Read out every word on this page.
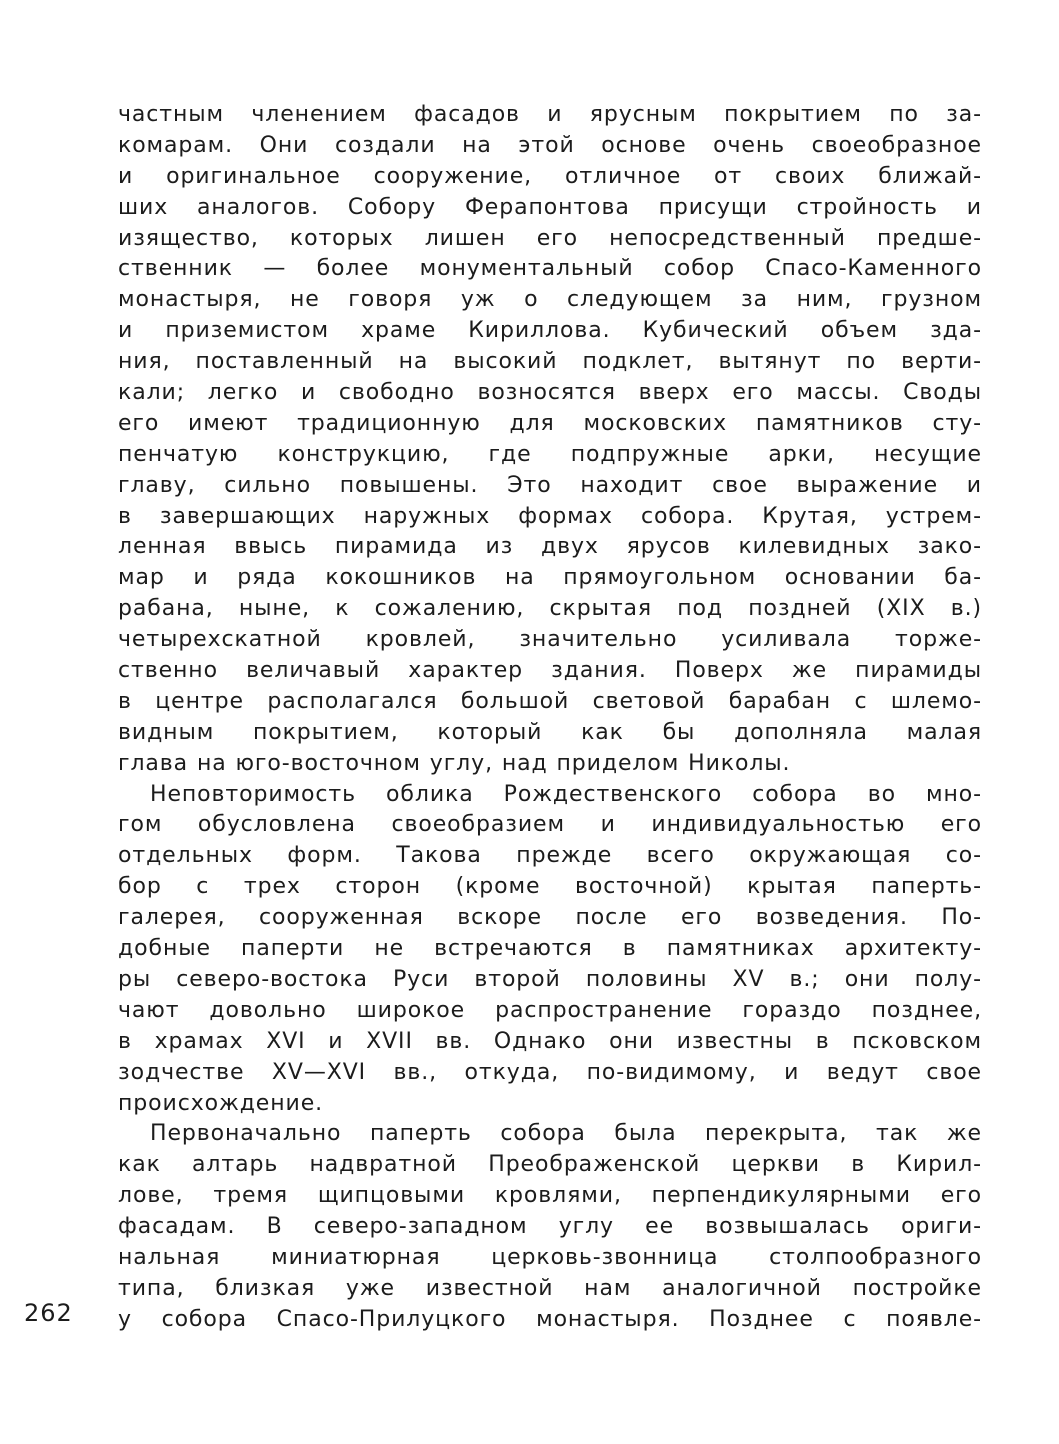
частным членением фасадов и ярусным покрытием по за-
комарам. Они создали на этой основе очень своеобразное
и оригинальное сооружение, отличное от своих ближай-
ших аналогов. Собору Ферапонтова присущи стройность и
изящество, которых лишен его непосредственный предше-
ственник — более монументальный собор Спасо-Каменного
монастыря, не говоря уж о следующем за ним, грузном
и приземистом храме Кириллова. Кубический объем зда-
ния, поставленный на высокий подклет, вытянут по верти-
кали; легко и свободно возносятся вверх его массы. Своды
его имеют традиционную для московских памятников сту-
пенчатую конструкцию, где подпружные арки, несущие
главу, сильно повышены. Это находит свое выражение и
в завершающих наружных формах собора. Крутая, устрем-
ленная ввысь пирамида из двух ярусов килевидных зако-
мар и ряда кокошников на прямоугольном основании ба-
рабана, ныне, к сожалению, скрытая под поздней (XIX в.)
четырехскатной кровлей, значительно усиливала торже-
ственно величавый характер здания. Поверх же пирамиды
в центре располагался большой световой барабан с шлемо-
видным покрытием, который как бы дополняла малая
глава на юго-восточном углу, над приделом Николы.

Неповторимость облика Рождественского собора во мно-
гом обусловлена своеобразием и индивидуальностью его
отдельных форм. Такова прежде всего окружающая со-
бор с трех сторон (кроме восточной) крытая паперть-
галерея, сооруженная вскоре после его возведения. По-
добные паперти не встречаются в памятниках архитекту-
ры северо-востока Руси второй половины XV в.; они полу-
чают довольно широкое распространение гораздо позднее,
в храмах XVI и XVII вв. Однако они известны в псковском
зодчестве XV—XVI вв., откуда, по-видимому, и ведут свое
происхождение.

Первоначально паперть собора была перекрыта, так же
как алтарь надвратной Преображенской церкви в Кирил-
лове, тремя щипцовыми кровлями, перпендикулярными его
фасадам. В северо-западном углу ее возвышалась ориги-
нальная миниатюрная церковь-звонница столпообразного
типа, близкая уже известной нам аналогичной постройке
у собора Спасо-Прилуцкого монастыря. Позднее с появле-

262
